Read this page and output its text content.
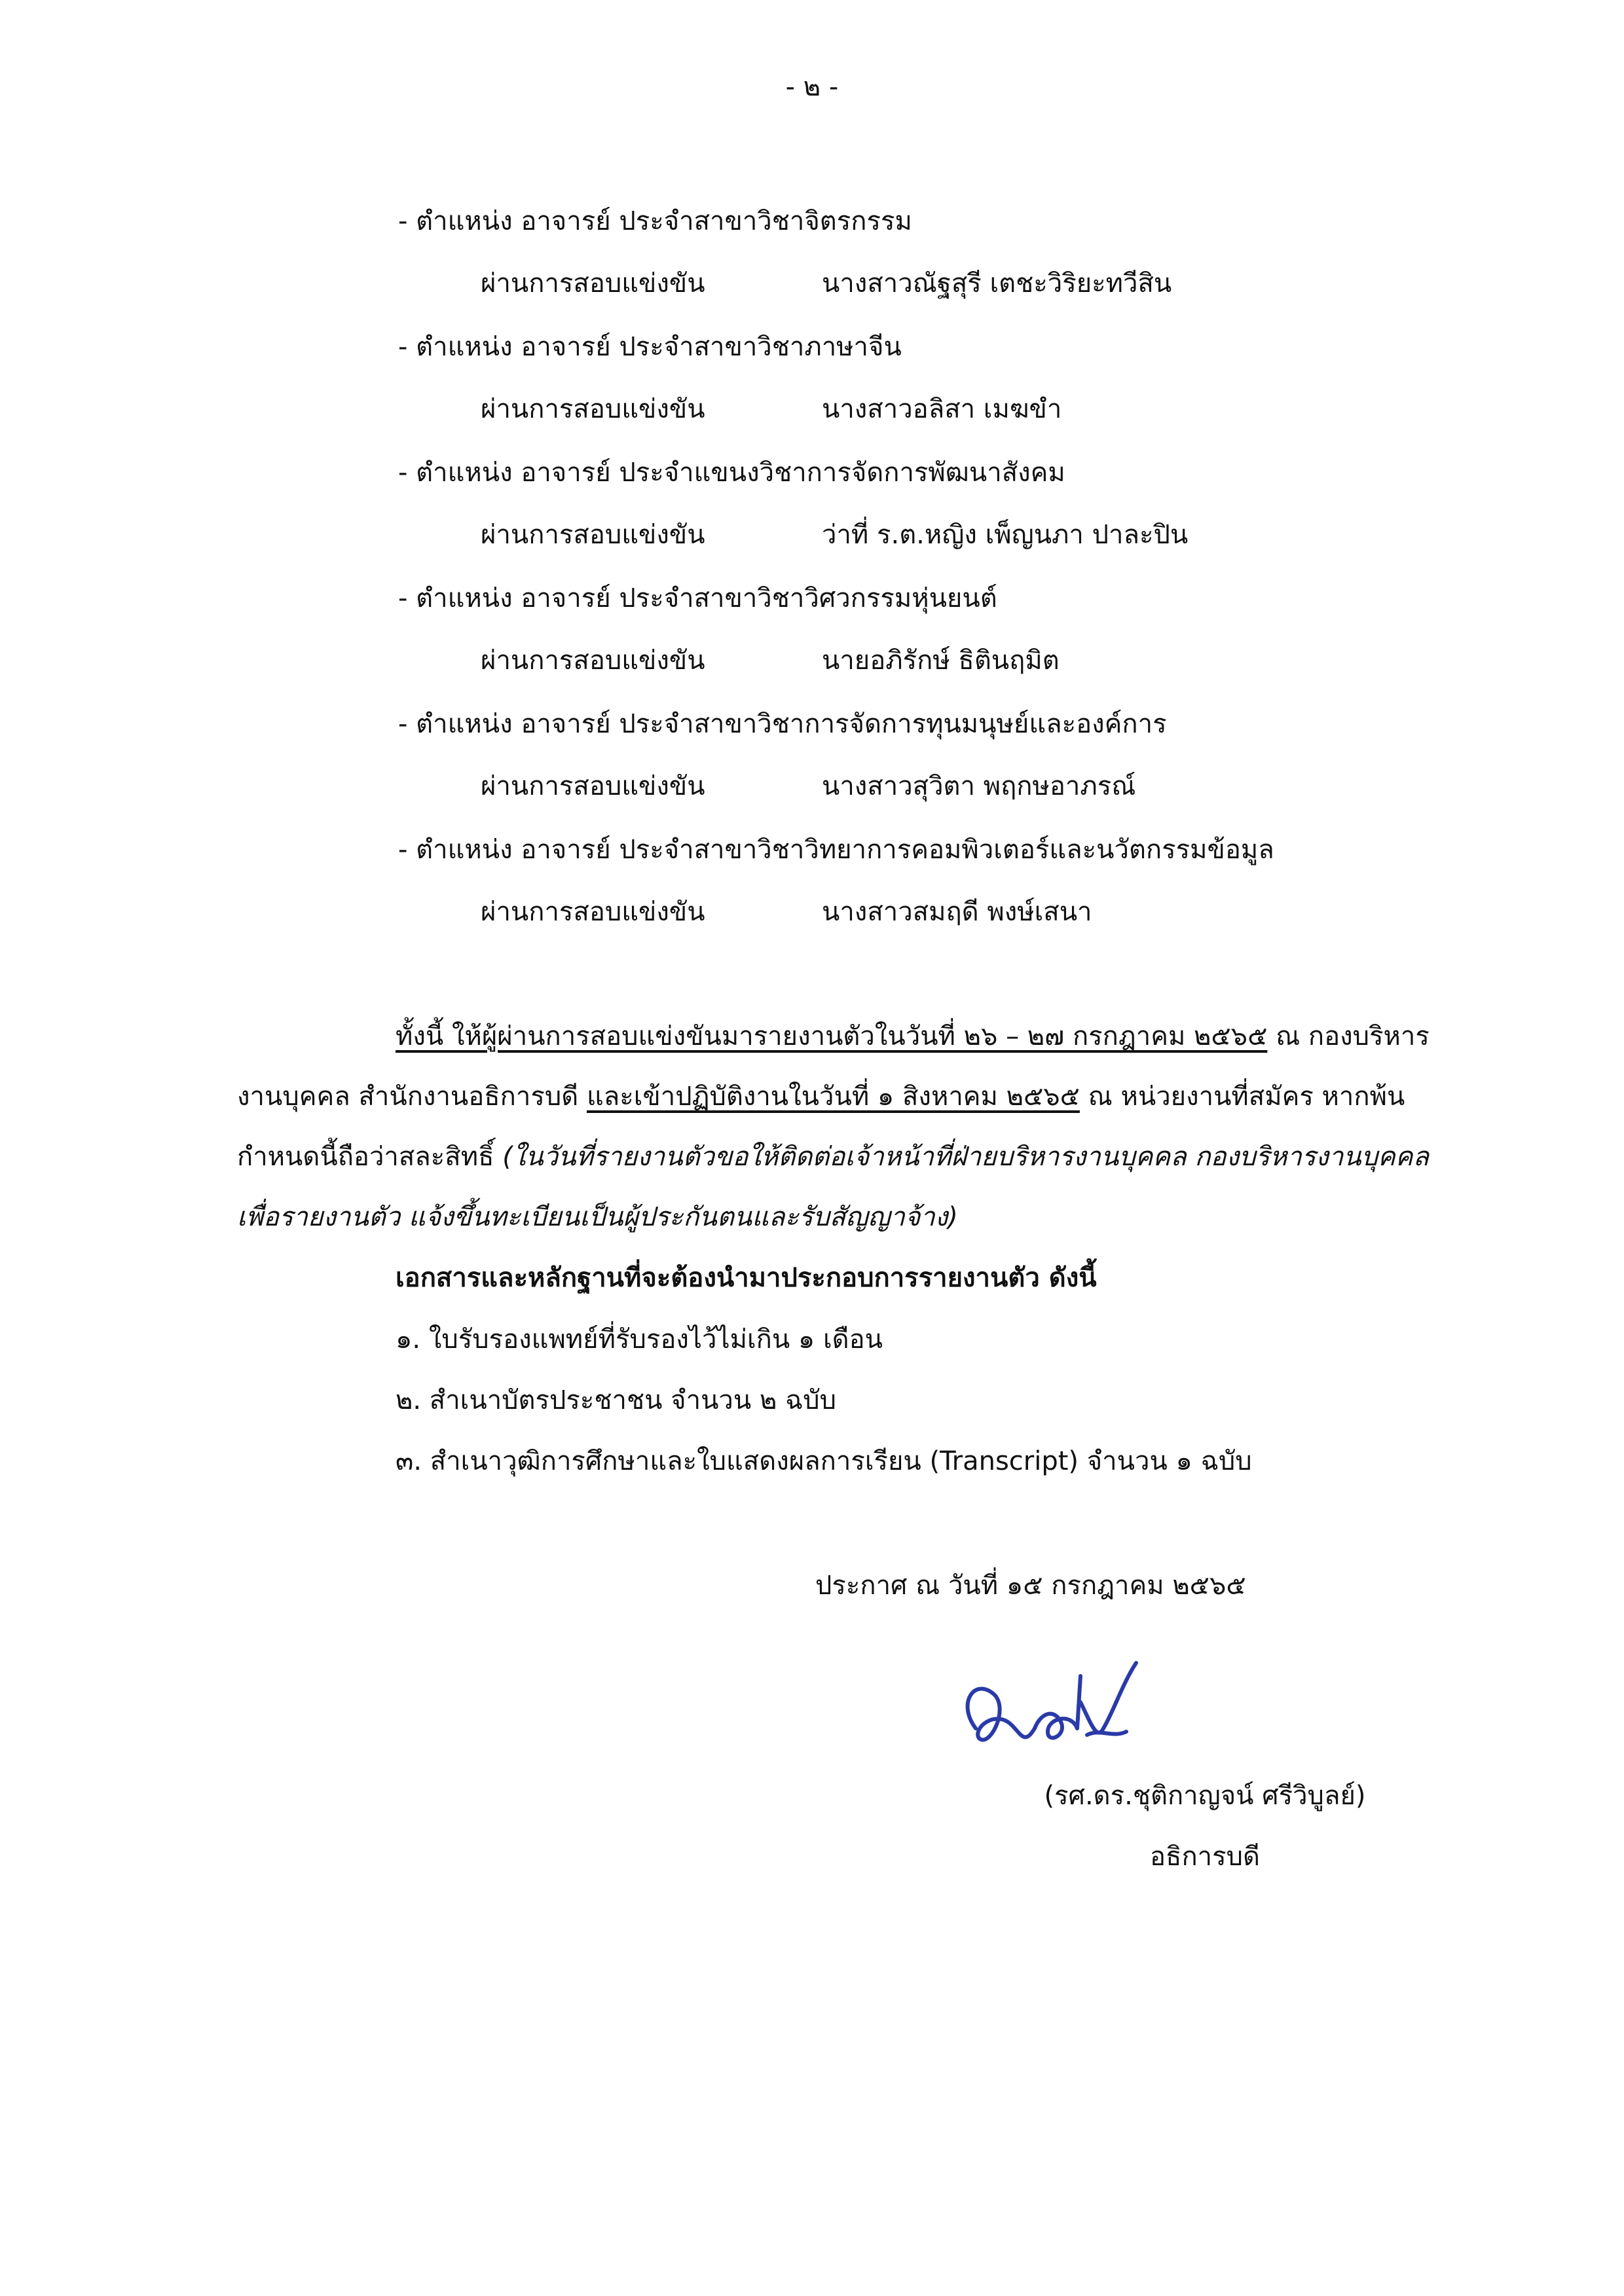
- ๒ -
- ตำแหน่ง อาจารย์ ประจำสาขาวิชาจิตรกรรม
ผ่านการสอบแข่งขัน	นางสาวณัฐสุรี เตชะวิริยะทวีสิน
- ตำแหน่ง อาจารย์ ประจำสาขาวิชาภาษาจีน
ผ่านการสอบแข่งขัน	นางสาวอลิสา เมฆขำ
- ตำแหน่ง อาจารย์ ประจำแขนงวิชาการจัดการพัฒนาสังคม
ผ่านการสอบแข่งขัน	ว่าที่ ร.ต.หญิง เพ็ญนภา ปาละปิน
- ตำแหน่ง อาจารย์ ประจำสาขาวิชาวิศวกรรมหุ่นยนต์
ผ่านการสอบแข่งขัน	นายอภิรักษ์ ธิตินฤมิต
- ตำแหน่ง อาจารย์ ประจำสาขาวิชาการจัดการทุนมนุษย์และองค์การ
ผ่านการสอบแข่งขัน	นางสาวสุวิตา พฤกษอาภรณ์
- ตำแหน่ง อาจารย์ ประจำสาขาวิชาวิทยาการคอมพิวเตอร์และนวัตกรรมข้อมูล
ผ่านการสอบแข่งขัน	นางสาวสมฤดี พงษ์เสนา
ทั้งนี้ ให้ผู้ผ่านการสอบแข่งขันมารายงานตัวในวันที่ ๒๖ – ๒๗ กรกฎาคม ๒๕๖๕ ณ กองบริหาร
งานบุคคล สำนักงานอธิการบดี และเข้าปฏิบัติงานในวันที่ ๑ สิงหาคม ๒๕๖๕ ณ หน่วยงานที่สมัคร หากพ้น
กำหนดนี้ถือว่าสละสิทธิ์ (ในวันที่รายงานตัวขอให้ติดต่อเจ้าหน้าที่ฝ่ายบริหารงานบุคคล กองบริหารงานบุคคล
เพื่อรายงานตัว แจ้งขึ้นทะเบียนเป็นผู้ประกันตนและรับสัญญาจ้าง)
เอกสารและหลักฐานที่จะต้องนำมาประกอบการรายงานตัว ดังนี้
๑. ใบรับรองแพทย์ที่รับรองไว้ไม่เกิน ๑ เดือน
๒. สำเนาบัตรประชาชน จำนวน ๒ ฉบับ
๓. สำเนาวุฒิการศึกษาและใบแสดงผลการเรียน (Transcript) จำนวน ๑ ฉบับ
ประกาศ ณ วันที่ ๑๕ กรกฎาคม ๒๕๖๕
(รศ.ดร.ชุติกาญจน์ ศรีวิบูลย์)
อธิการบดี
